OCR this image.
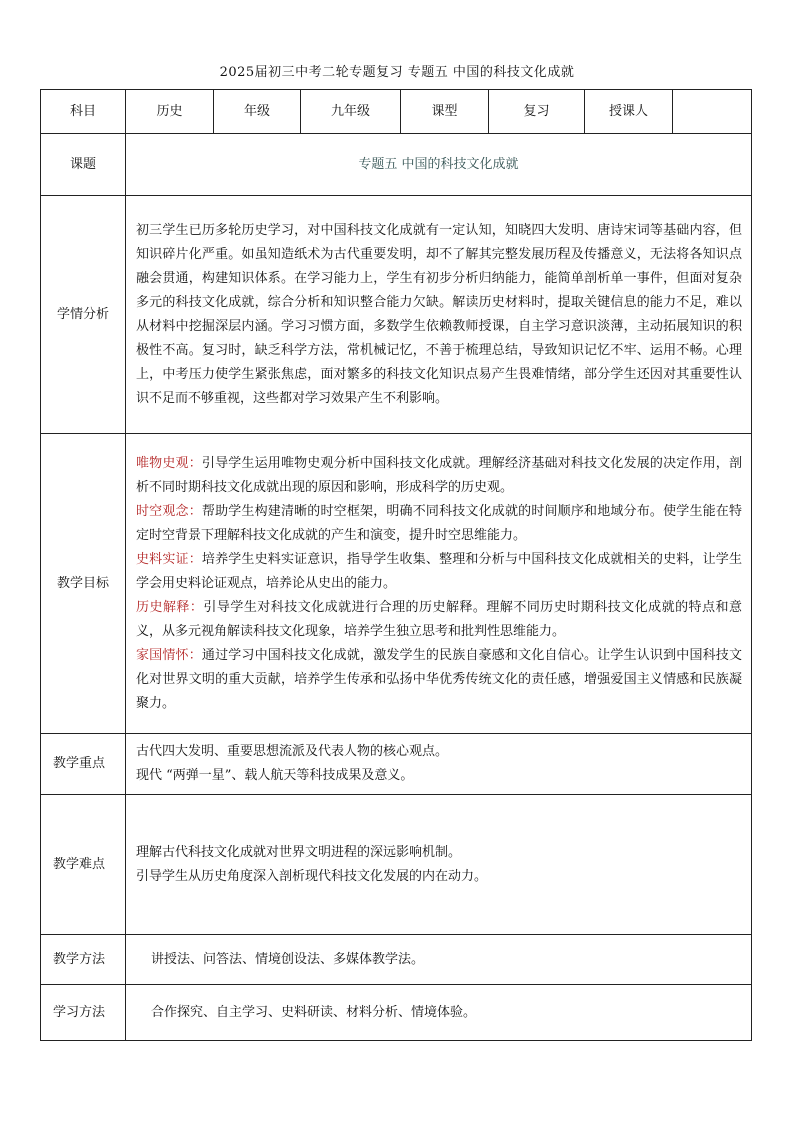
2025届初三中考二轮专题复习 专题五 中国的科技文化成就
科目	历史	年级	九年级	课型	复习	授课人	
课题	专题五 中国的科技文化成就						
学情分析	初三学生已历多轮历史学习，对中国科技文化成就有一定认知，知晓四大发明、唐诗宋词等基础内容，但知识碎片化严重。如虽知造纸术为古代重要发明，却不了解其完整发展历程及传播意义，无法将各知识点融会贯通，构建知识体系。在学习能力上，学生有初步分析归纳能力，能简单剖析单一事件，但面对复杂多元的科技文化成就，综合分析和知识整合能力欠缺。解读历史材料时，提取关键信息的能力不足，难以从材料中挖掘深层内涵。学习习惯方面，多数学生依赖教师授课，自主学习意识淡薄，主动拓展知识的积极性不高。复习时，缺乏科学方法，常机械记忆，不善于梳理总结，导致知识记忆不牢、运用不畅。心理上，中考压力使学生紧张焦虑，面对繁多的科技文化知识点易产生畏难情绪，部分学生还因对其重要性认识不足而不够重视，这些都对学习效果产生不利影响。						
教学目标	唯物史观：引导学生运用唯物史观分析中国科技文化成就。理解经济基础对科技文化发展的决定作用，剖析不同时期科技文化成就出现的原因和影响，形成科学的历史观。

时空观念：帮助学生构建清晰的时空框架，明确不同科技文化成就的时间顺序和地域分布。使学生能在特定时空背景下理解科技文化成就的产生和演变，提升时空思维能力。

史料实证：培养学生史料实证意识，指导学生收集、整理和分析与中国科技文化成就相关的史料，让学生学会用史料论证观点，培养论从史出的能力。

历史解释：引导学生对科技文化成就进行合理的历史解释。理解不同历史时期科技文化成就的特点和意义，从多元视角解读科技文化现象，培养学生独立思考和批判性思维能力。

家国情怀：通过学习中国科技文化成就，激发学生的民族自豪感和文化自信心。让学生认识到中国科技文化对世界文明的重大贡献，培养学生传承和弘扬中华优秀传统文化的责任感，增强爱国主义情感和民族凝聚力。						

教学重点	古代四大发明、重要思想流派及代表人物的核心观点。

现代 “两弹一星”、载人航天等科技成果及意义。						

教学难点	理解古代科技文化成就对世界文明进程的深远影响机制。

引导学生从历史角度深入剖析现代科技文化发展的内在动力。						

教学方法	讲授法、问答法、情境创设法、多媒体教学法。						
学习方法	合作探究、自主学习、史料研读、材料分析、情境体验。						
